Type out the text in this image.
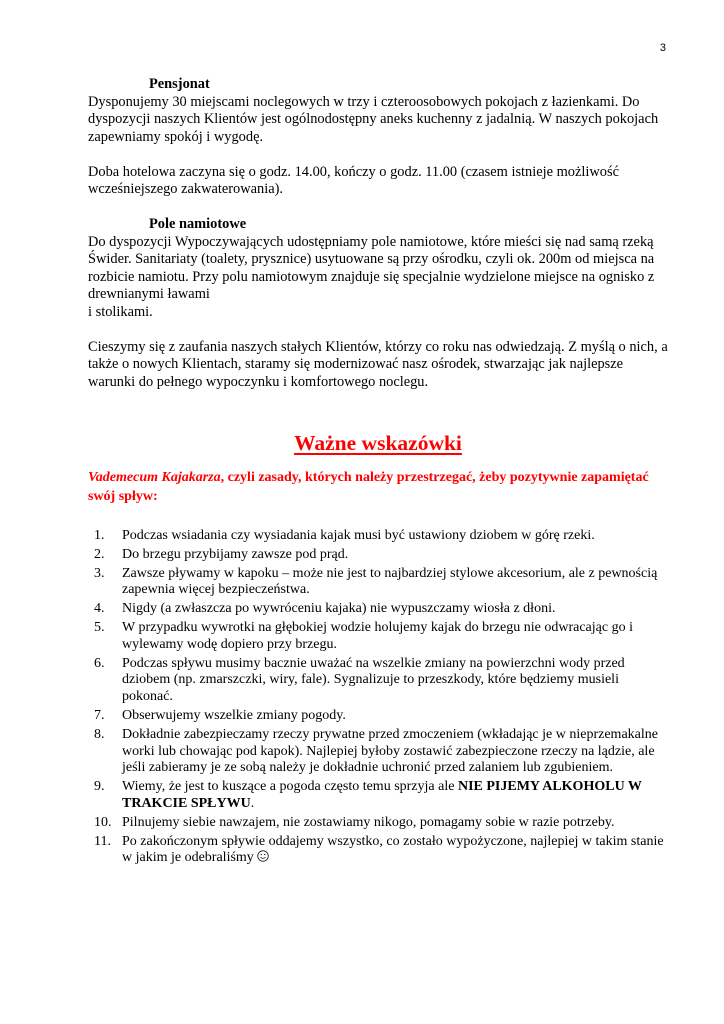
3

Pensjonat

Dysponujemy 30 miejscami noclegowych w trzy i czteroosobowych pokojach z łazienkami. Do dyspozycji naszych Klientów jest ogólnodostępny aneks kuchenny z jadalnią. W naszych pokojach zapewniamy spokój i wygodę.

Doba hotelowa zaczyna się o godz. 14.00, kończy o godz. 11.00 (czasem istnieje możliwość wcześniejszego zakwaterowania).

Pole namiotowe

Do dyspozycji Wypoczywających udostępniamy pole namiotowe, które mieści się nad samą rzeką Świder. Sanitariaty (toalety, prysznice) usytuowane są przy ośrodku, czyli ok. 200m od miejsca na rozbicie namiotu. Przy polu namiotowym znajduje się specjalnie wydzielone miejsce na ognisko z drewnianymi ławami

i stolikami.

Cieszymy się z zaufania naszych stałych Klientów, którzy co roku nas odwiedzają. Z myślą o nich, a także o nowych Klientach, staramy się modernizować nasz ośrodek, stwarzając jak najlepsze warunki do pełnego wypoczynku i komfortowego noclegu.

Ważne wskazówki

Vademecum Kajakarza, czyli zasady, których należy przestrzegać, żeby pozytywnie zapamiętać swój spływ:

1.	Podczas wsiadania czy wysiadania kajak musi być ustawiony dziobem w górę rzeki.
2.	Do brzegu przybijamy zawsze pod prąd.
3.	Zawsze pływamy w kapoku – może nie jest to najbardziej stylowe akcesorium, ale z pewnością zapewnia więcej bezpieczeństwa.
4.	Nigdy (a zwłaszcza po wywróceniu kajaka) nie wypuszczamy wiosła z dłoni.
5.	W przypadku wywrotki na głębokiej wodzie holujemy kajak do brzegu nie odwracając go i wylewamy wodę dopiero przy brzegu.
6.	Podczas spływu musimy bacznie uważać na wszelkie zmiany na powierzchni wody przed dziobem (np. zmarszczki, wiry, fale). Sygnalizuje to przeszkody, które będziemy musieli pokonać.
7.	Obserwujemy wszelkie zmiany pogody.
8.	Dokładnie zabezpieczamy rzeczy prywatne przed zmoczeniem (wkładając je w nieprzemakalne worki lub chowając pod kapok). Najlepiej byłoby zostawić zabezpieczone rzeczy na lądzie, ale jeśli zabieramy je ze sobą należy je dokładnie uchronić przed zalaniem lub zgubieniem.
9.	Wiemy, że jest to kuszące a pogoda często temu sprzyja ale NIE PIJEMY ALKOHOLU W TRAKCIE SPŁYWU.
10. Pilnujemy siebie nawzajem, nie zostawiamy nikogo, pomagamy sobie w razie potrzeby.
11. Po zakończonym spływie oddajemy wszystko, co zostało wypożyczone, najlepiej w takim stanie w jakim je odebraliśmy
